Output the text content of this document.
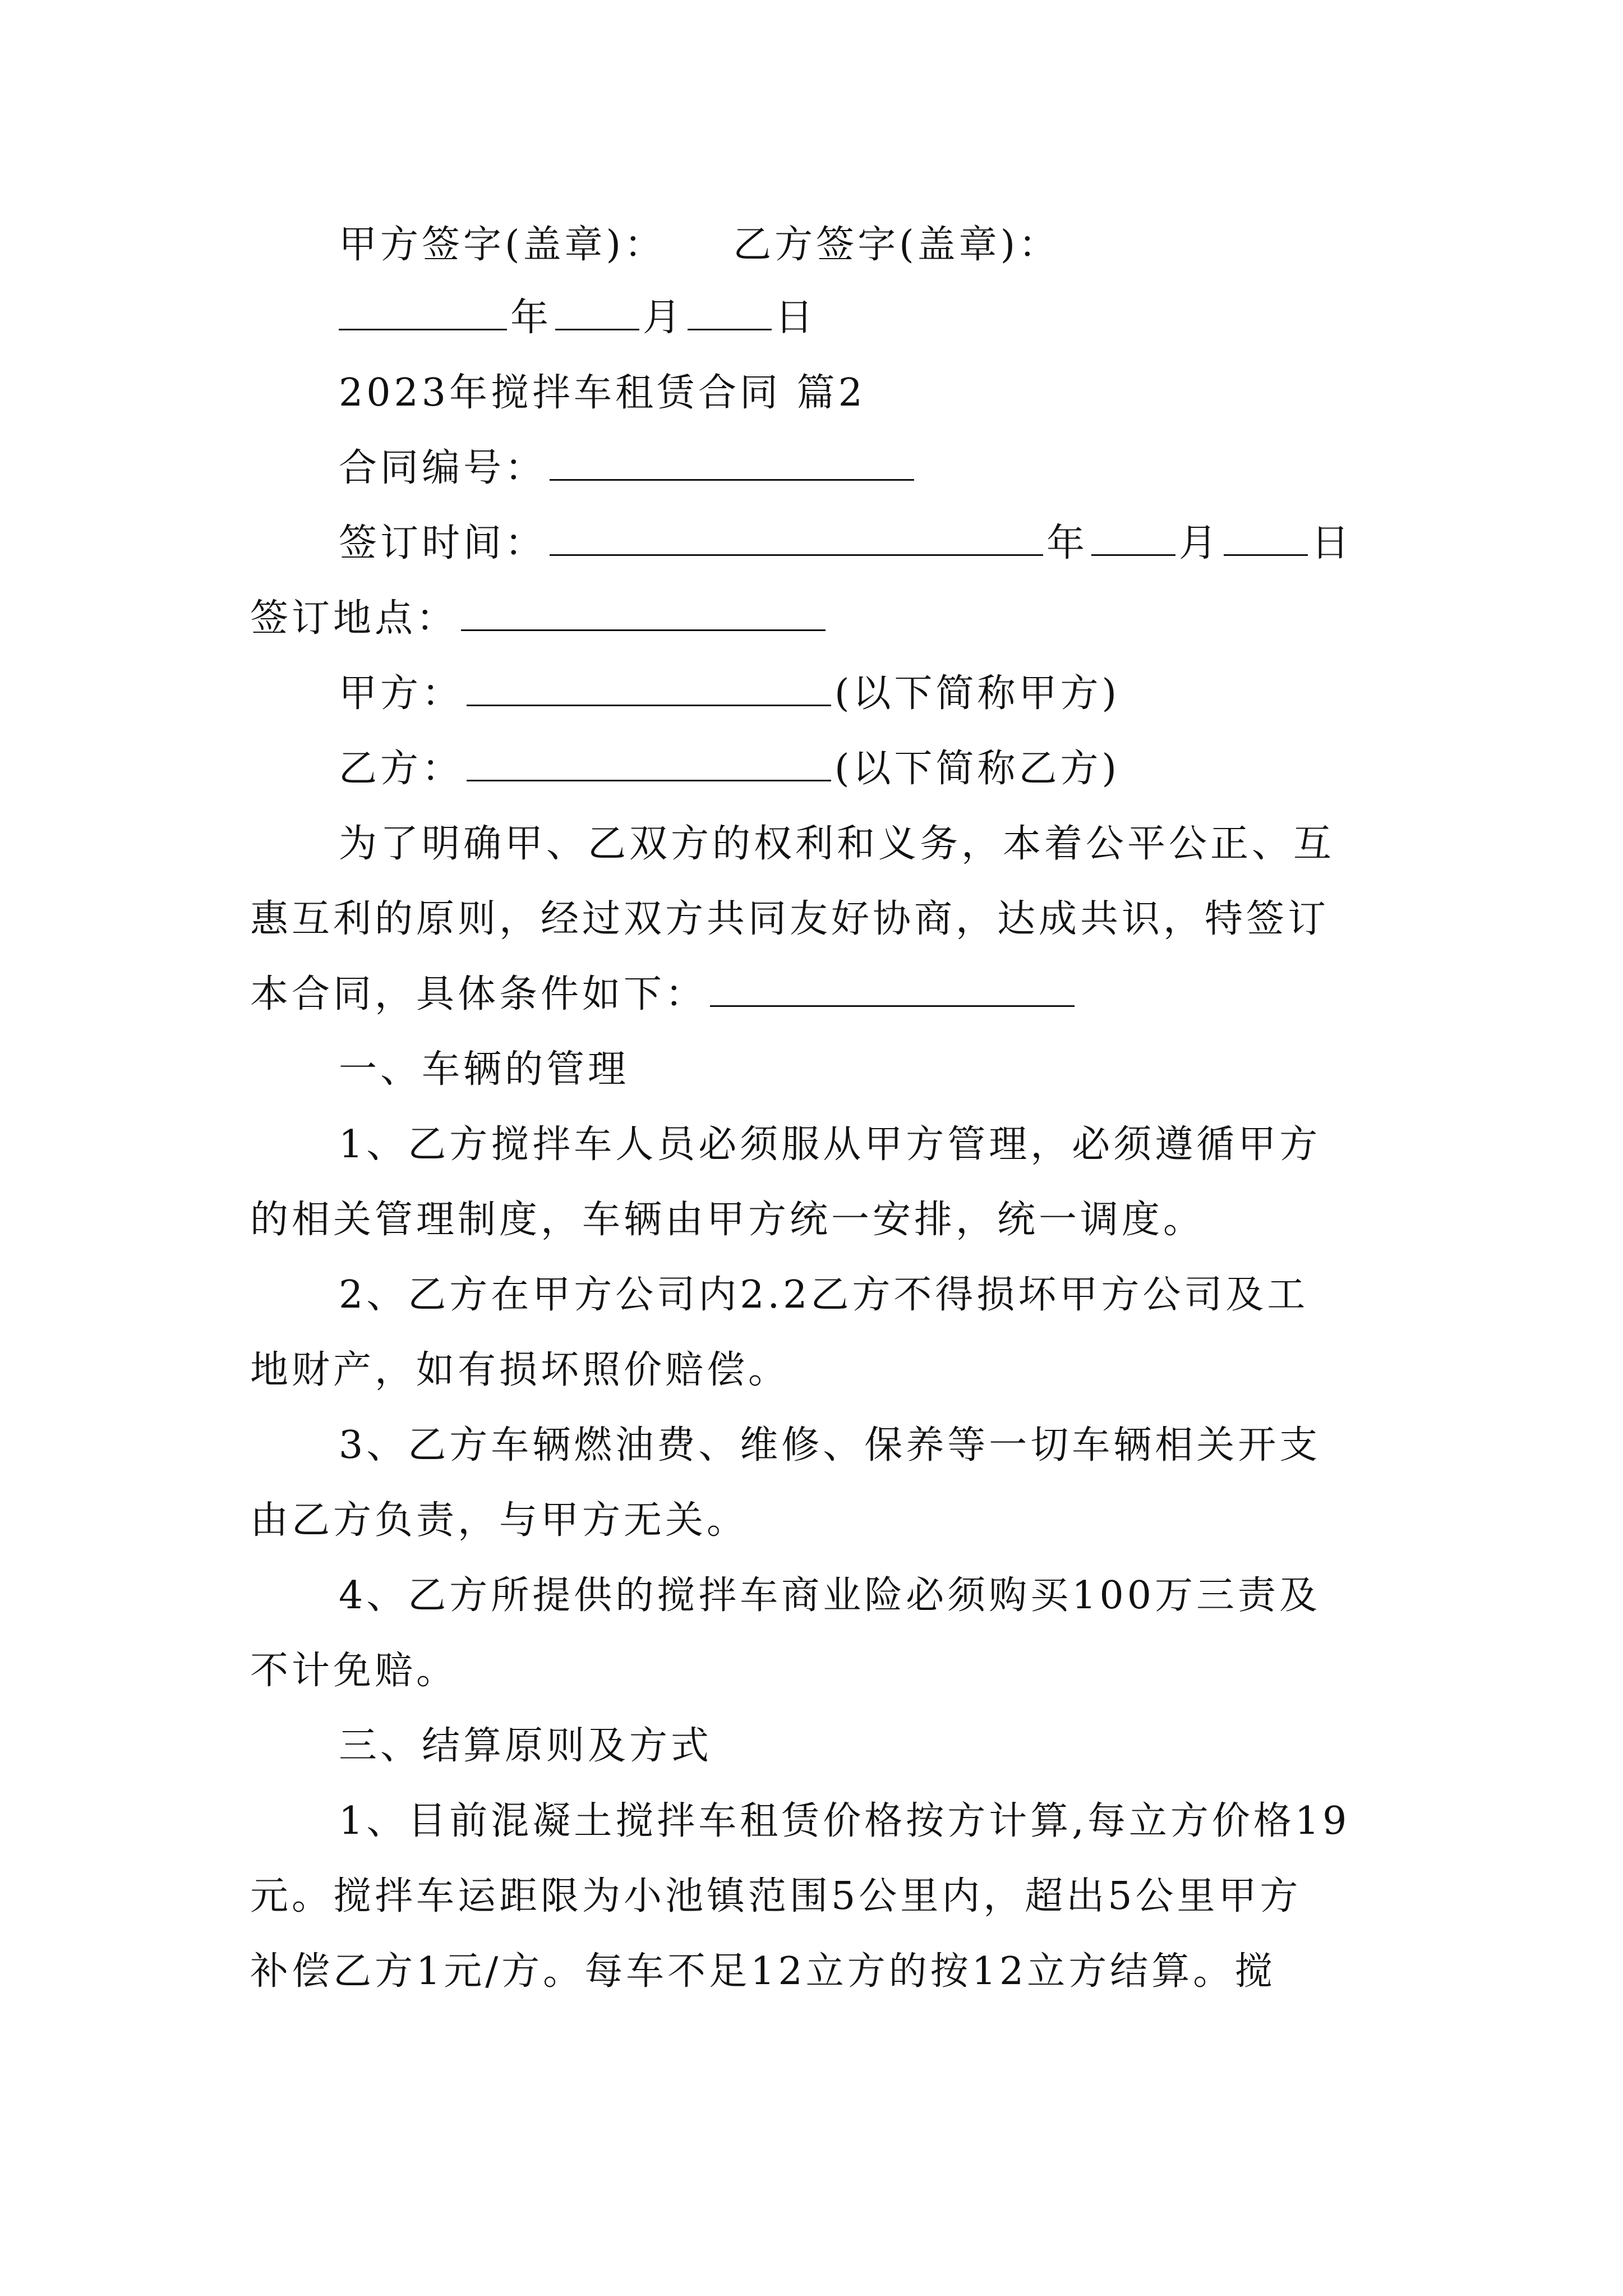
甲方签字(盖章)： 乙方签字(盖章)：
年 月 日
2023年搅拌车租赁合同 篇2
合同编号：
签订时间：	年 月 日
签订地点：
甲方：	(以下简称甲方)
乙方：	(以下简称乙方)
为了明确甲、乙双方的权利和义务，本着公平公正、互
惠互利的原则，经过双方共同友好协商，达成共识，特签订
本合同，具体条件如下：
一、车辆的管理
1、乙方搅拌车人员必须服从甲方管理，必须遵循甲方
的相关管理制度，车辆由甲方统一安排，统一调度。
2、乙方在甲方公司内2.2乙方不得损坏甲方公司及工
地财产，如有损坏照价赔偿。
3、乙方车辆燃油费、维修、保养等一切车辆相关开支
由乙方负责，与甲方无关。
4、乙方所提供的搅拌车商业险必须购买100万三责及
不计免赔。
三、结算原则及方式
1、目前混凝土搅拌车租赁价格按方计算,每立方价格19
元。搅拌车运距限为小池镇范围5公里内，超出5公里甲方
补偿乙方1元/方。每车不足12立方的按12立方结算。搅
